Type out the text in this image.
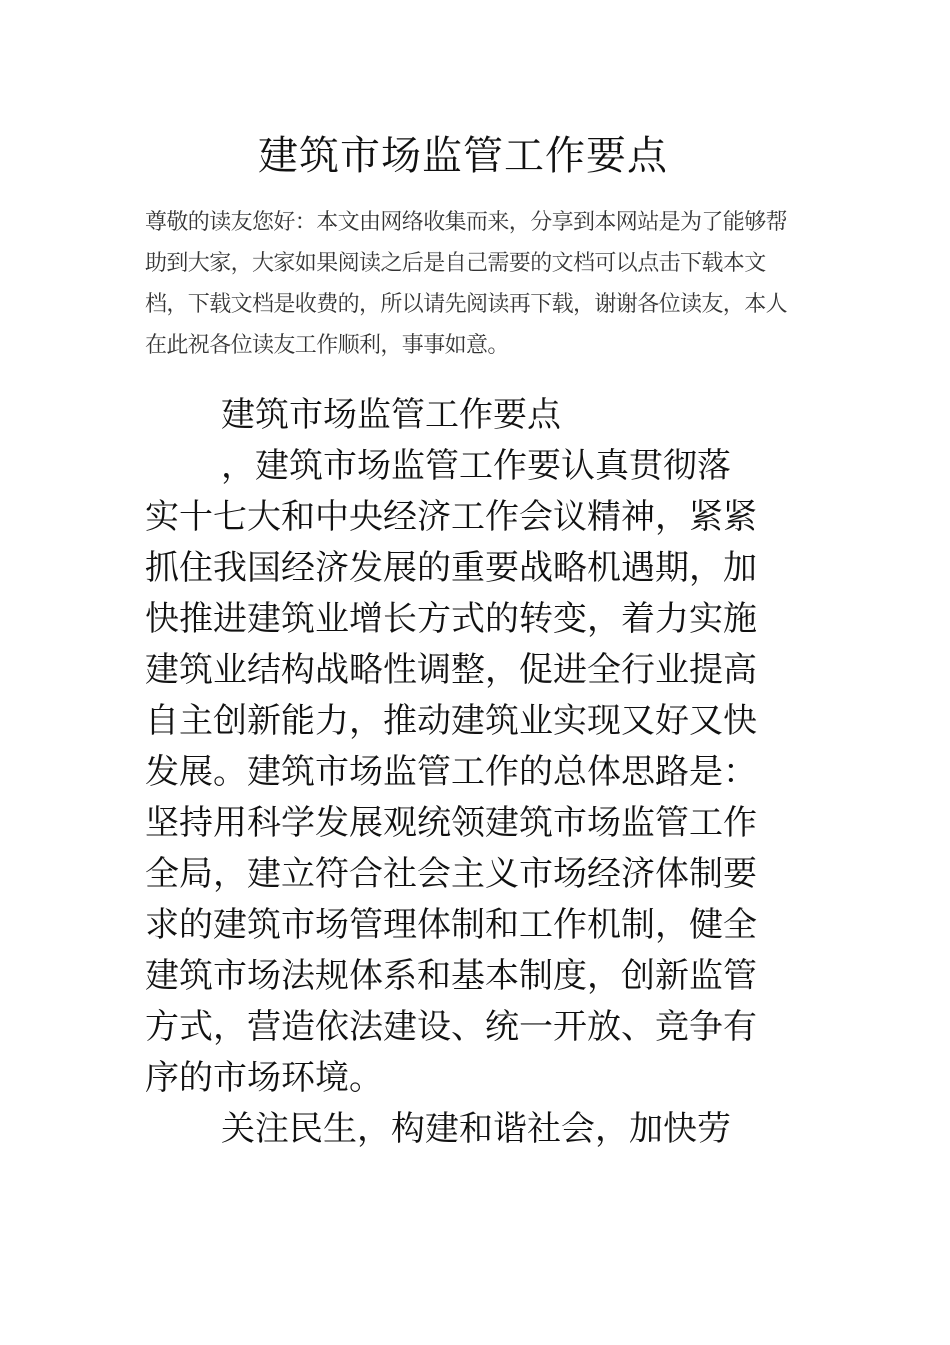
建筑市场监管工作要点

尊敬的读友您好：本文由网络收集而来，分享到本网站是为了能够帮助到大家，大家如果阅读之后是自己需要的文档可以点击下载本文档，下载文档是收费的，所以请先阅读再下载，谢谢各位读友，本人在此祝各位读友工作顺利，事事如意。

建筑市场监管工作要点

，建筑市场监管工作要认真贯彻落实十七大和中央经济工作会议精神，紧紧抓住我国经济发展的重要战略机遇期，加快推进建筑业增长方式的转变，着力实施建筑业结构战略性调整，促进全行业提高自主创新能力，推动建筑业实现又好又快发展。建筑市场监管工作的总体思路是：坚持用科学发展观统领建筑市场监管工作全局，建立符合社会主义市场经济体制要求的建筑市场管理体制和工作机制，健全建筑市场法规体系和基本制度，创新监管方式，营造依法建设、统一开放、竞争有序的市场环境。

关注民生，构建和谐社会，加快劳
